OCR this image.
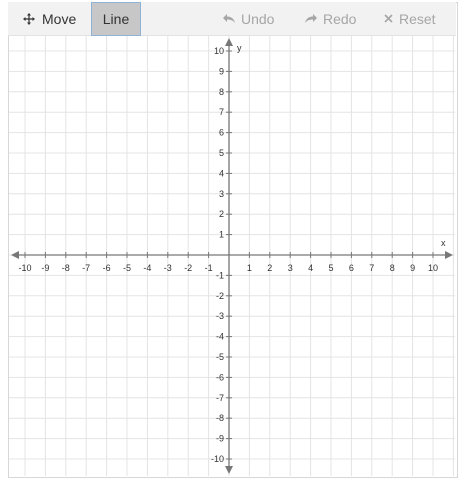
x
y
-10 -9 -8 -7 -6 -5 -4 -3 -2 -1	1 2 3 4 5 6 7 8 9 10
10
9
8
7
6
5
4
3
2
1
-1
-2
-3
-4
-5
-6
-7
-8
-9
-10
Move Line	Undo	Redo	Reset
